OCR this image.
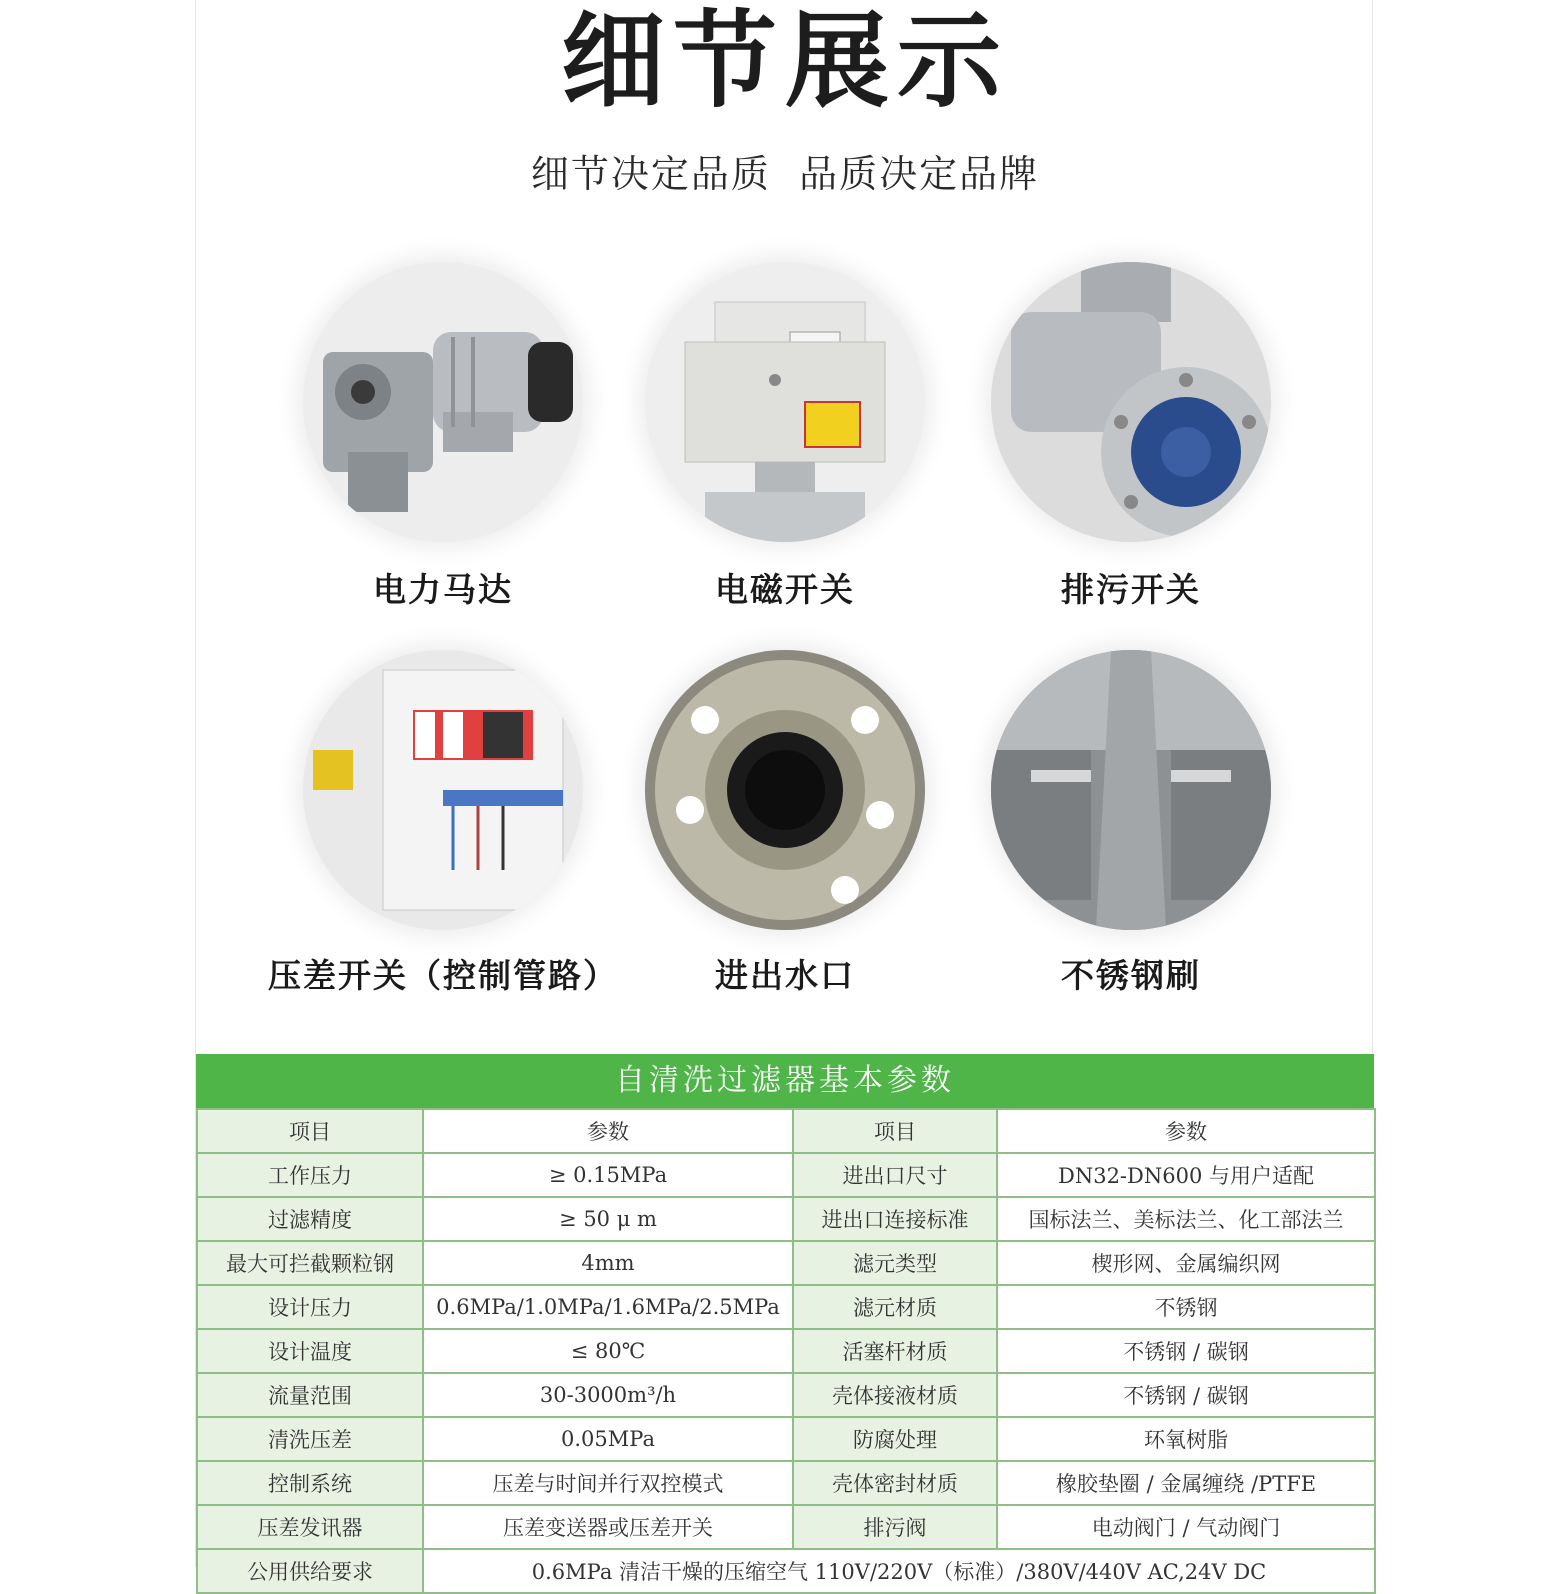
细节展示
细节决定品质  品质决定品牌
电力马达	电磁开关	排污开关
压差开关（控制管路）	进出水口	不锈钢刷
自清洗过滤器基本参数
项目	参数	项目	参数
工作压力	≥ 0.15MPa	进出口尺寸	DN32-DN600 与用户适配
过滤精度	≥ 50 μ m	进出口连接标准	国标法兰、美标法兰、化工部法兰
最大可拦截颗粒钢	4mm	滤元类型	楔形网、金属编织网
设计压力	0.6MPa/1.0MPa/1.6MPa/2.5MPa	滤元材质	不锈钢
设计温度	≤ 80℃	活塞杆材质	不锈钢 / 碳钢
流量范围	30-3000m³/h	壳体接液材质	不锈钢 / 碳钢
清洗压差	0.05MPa	防腐处理	环氧树脂
控制系统	压差与时间并行双控模式	壳体密封材质	橡胶垫圈 / 金属缠绕 /PTFE
压差发讯器	压差变送器或压差开关	排污阀	电动阀门 / 气动阀门
公用供给要求	0.6MPa 清洁干燥的压缩空气 110V/220V（标准）/380V/440V AC,24V DC		
